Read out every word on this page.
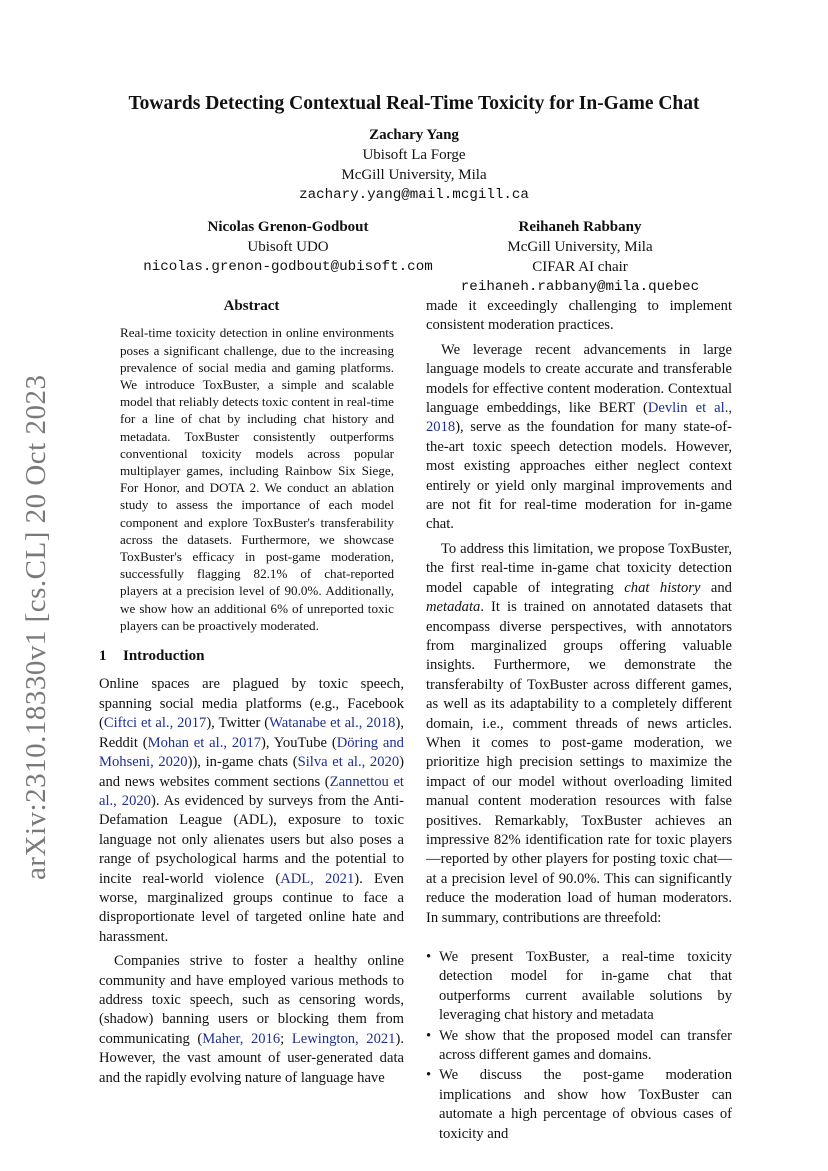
arXiv:2310.18330v1 [cs.CL] 20 Oct 2023
Towards Detecting Contextual Real-Time Toxicity for In-Game Chat
Zachary Yang
Ubisoft La Forge
McGill University, Mila
zachary.yang@mail.mcgill.ca
Nicolas Grenon-Godbout
Ubisoft UDO
nicolas.grenon-godbout@ubisoft.com
Reihaneh Rabbany
McGill University, Mila
CIFAR AI chair
reihaneh.rabbany@mila.quebec
Abstract
Real-time toxicity detection in online environments poses a significant challenge, due to the increasing prevalence of social media and gaming platforms. We introduce ToxBuster, a simple and scalable model that reliably detects toxic content in real-time for a line of chat by including chat history and metadata. ToxBuster consistently outperforms conventional toxicity models across popular multiplayer games, including Rainbow Six Siege, For Honor, and DOTA 2. We conduct an ablation study to assess the importance of each model component and explore ToxBuster's transferability across the datasets. Furthermore, we showcase ToxBuster's efficacy in post-game moderation, successfully flagging 82.1% of chat-reported players at a precision level of 90.0%. Additionally, we show how an additional 6% of unreported toxic players can be proactively moderated.
1 Introduction

Online spaces are plagued by toxic speech, spanning social media platforms (e.g., Facebook (Ciftci et al., 2017), Twitter (Watanabe et al., 2018), Reddit (Mohan et al., 2017), YouTube (Döring and Mohseni, 2020)), in-game chats (Silva et al., 2020) and news websites comment sections (Zannettou et al., 2020). As evidenced by surveys from the Anti-Defamation League (ADL), exposure to toxic language not only alienates users but also poses a range of psychological harms and the potential to incite real-world violence (ADL, 2021). Even worse, marginalized groups continue to face a disproportionate level of targeted online hate and harassment.

Companies strive to foster a healthy online community and have employed various methods to address toxic speech, such as censoring words, (shadow) banning users or blocking them from communicating (Maher, 2016; Lewington, 2021). However, the vast amount of user-generated data and the rapidly evolving nature of language have

made it exceedingly challenging to implement consistent moderation practices.

We leverage recent advancements in large language models to create accurate and transferable models for effective content moderation. Contextual language embeddings, like BERT (Devlin et al., 2018), serve as the foundation for many state-of-the-art toxic speech detection models. However, most existing approaches either neglect context entirely or yield only marginal improvements and are not fit for real-time moderation for in-game chat.

To address this limitation, we propose ToxBuster, the first real-time in-game chat toxicity detection model capable of integrating chat history and metadata. It is trained on annotated datasets that encompass diverse perspectives, with annotators from marginalized groups offering valuable insights. Furthermore, we demonstrate the transferabilty of ToxBuster across different games, as well as its adaptability to a completely different domain, i.e., comment threads of news articles. When it comes to post-game moderation, we prioritize high precision settings to maximize the impact of our model without overloading limited manual content moderation resources with false positives. Remarkably, ToxBuster achieves an impressive 82% identification rate for toxic players—reported by other players for posting toxic chat— at a precision level of 90.0%. This can significantly reduce the moderation load of human moderators. In summary, contributions are threefold:

• We present ToxBuster, a real-time toxicity detection model for in-game chat that outperforms current available solutions by leveraging chat history and metadata
• We show that the proposed model can transfer across different games and domains.
• We discuss the post-game moderation implications and show how ToxBuster can automate a high percentage of obvious cases of toxicity and
